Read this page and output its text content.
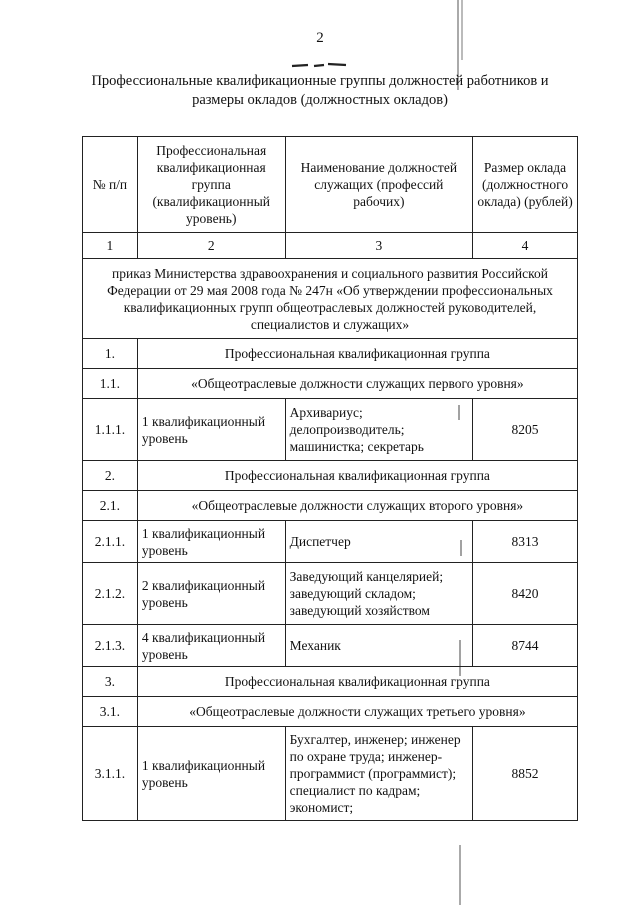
2
Профессиональные квалификационные группы должностей работников и
размеры окладов (должностных окладов)
№ п/п	Профессиональная квалификационная группа (квалификационный уровень)	Наименование должностей служащих (профессий рабочих)	Размер оклада (должностного оклада) (рублей)
1	2	3	4
приказ Министерства здравоохранения и социального развития Российской Федерации от 29 мая 2008 года № 247н «Об утверждении профессиональных квалификационных групп общеотраслевых должностей руководителей, специалистов и служащих»			
1.	Профессиональная квалификационная группа		
1.1.	«Общеотраслевые должности служащих первого уровня»		
1.1.1.	1 квалификационный уровень	Архивариус; делопроизводитель; машинистка; секретарь	8205
2.	Профессиональная квалификационная группа		
2.1.	«Общеотраслевые должности служащих второго уровня»		
2.1.1.	1 квалификационный уровень	Диспетчер	8313
2.1.2.	2 квалификационный уровень	Заведующий канцелярией; заведующий складом; заведующий хозяйством	8420
2.1.3.	4 квалификационный уровень	Механик	8744
3.	Профессиональная квалификационная группа		
3.1.	«Общеотраслевые должности служащих третьего уровня»		
3.1.1.	1 квалификационный уровень	Бухгалтер, инженер; инженер по охране труда; инженер-программист (программист); специалист по кадрам; экономист;	8852
